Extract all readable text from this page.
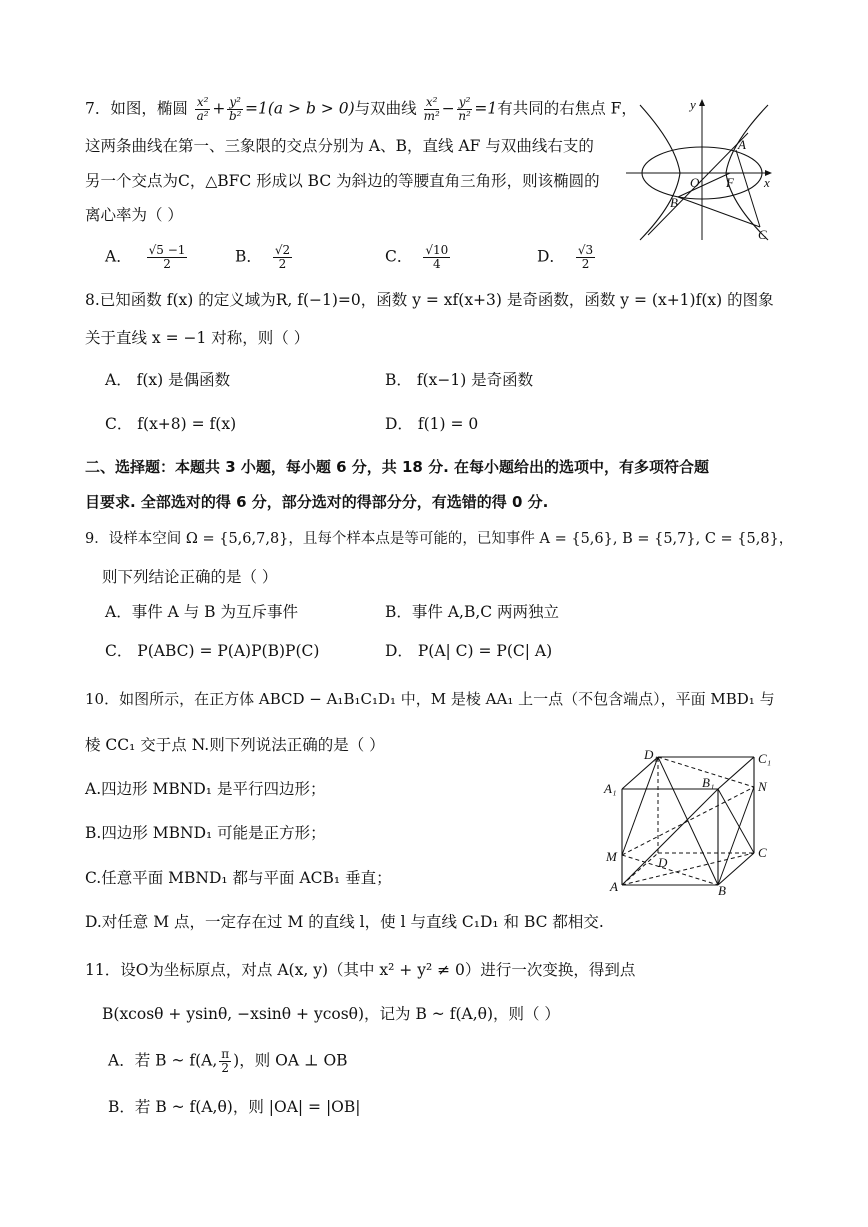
7．如图，椭圆 $\frac{\text{x²}}{\text{a²}} + \frac{\text{y²}}{\text{b²}} =1(a > b > 0)$与双曲线 $\frac{\text{x²}}{\text{m²}} - \frac{\text{y²}}{\text{n²}} =1$有共同的右焦点 F，
这两条曲线在第一、三象限的交点分别为 A、B，直线 AF 与双曲线右支的
另一个交点为C，△BFC 形成以 BC 为斜边的等腰直角三角形，则该椭圆的
离心率为（ ）
A． $\frac{√5 -1}{2}$	B． $\frac{√2}{2}$	C． $\frac{√10}{4}$	D． $\frac{√3}{2}$
y
x
O F
A
B
C
8.已知函数 f(x) 的定义域为R, f(−1)=0，函数 y = xf(x+3) 是奇函数，函数 y = (x+1)f(x) 的图象
关于直线 x = −1 对称，则（ ）
A． f(x) 是偶函数	B． f(x−1) 是奇函数
C． f(x+8) = f(x)	D． f(1) = 0
二、选择题：本题共 3 小题，每小题 6 分，共 18 分. 在每小题给出的选项中，有多项符合题
目要求. 全部选对的得 6 分，部分选对的得部分分，有选错的得 0 分.
9．设样本空间 Ω = {5,6,7,8}，且每个样本点是等可能的，已知事件 A = {5,6}, B = {5,7}, C = {5,8}，
则下列结论正确的是（ ）
A．事件 A 与 B 为互斥事件	B．事件 A,B,C 两两独立
C． P(ABC) = P(A)P(B)P(C)	D． P(A| C) = P(C| A)
10．如图所示，在正方体 ABCD − A₁B₁C₁D₁ 中，M 是棱 AA₁ 上一点（不包含端点），平面 MBD₁ 与
棱 CC₁ 交于点 N.则下列说法正确的是（ ）
A.四边形 MBND₁ 是平行四边形；
B.四边形 MBND₁ 可能是正方形；
C.任意平面 MBND₁ 都与平面 ACB₁ 垂直；
D.对任意 M 点，一定存在过 M 的直线 l，使 l 与直线 C₁D₁ 和 BC 都相交.
D₁	C₁
A₁	B₁	N
M	D
C
A	B
11．设O为坐标原点，对点 A(x, y)（其中 x² + y² ≠ 0）进行一次变换，得到点
B(xcosθ + ysinθ, −xsinθ + ycosθ)，记为 B ~ f(A,θ)，则（ ）
A．若 B ~ f(A, $\frac{\pi}{2}$ )，则 OA ⊥ OB
B．若 B ~ f(A,θ)，则 |OA| = |OB|
